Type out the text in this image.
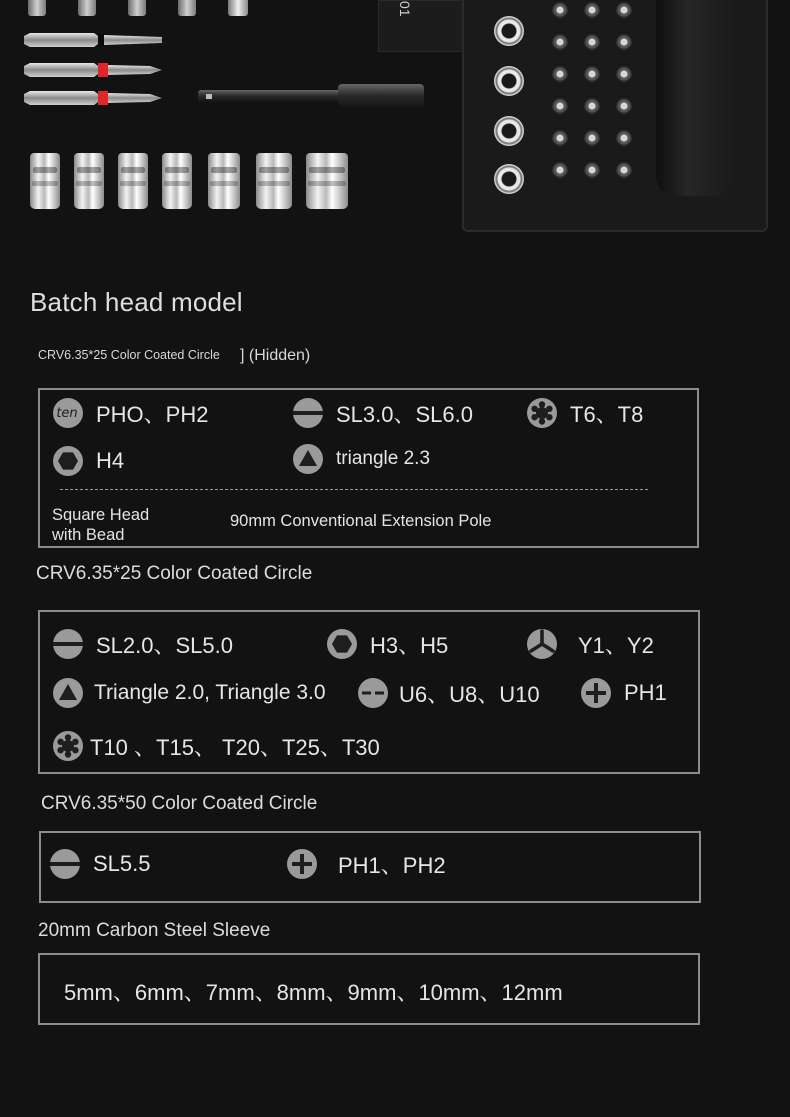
01
Batch head model
CRV6.35*25 Color Coated Circle ] (Hidden)
ten PHO、PH2	SL3.0、SL6.0	T6、T8
H4	triangle 2.3
Square Head
with Bead
90mm Conventional Extension Pole
CRV6.35*25 Color Coated Circle
SL2.0、SL5.0	H3、H5	Y1、Y2
Triangle 2.0, Triangle 3.0	U6、U8、U10	PH1
T10 、T15、 T20、T25、T30
CRV6.35*50 Color Coated Circle
SL5.5	PH1、PH2
20mm Carbon Steel Sleeve
5mm、6mm、7mm、8mm、9mm、10mm、12mm
